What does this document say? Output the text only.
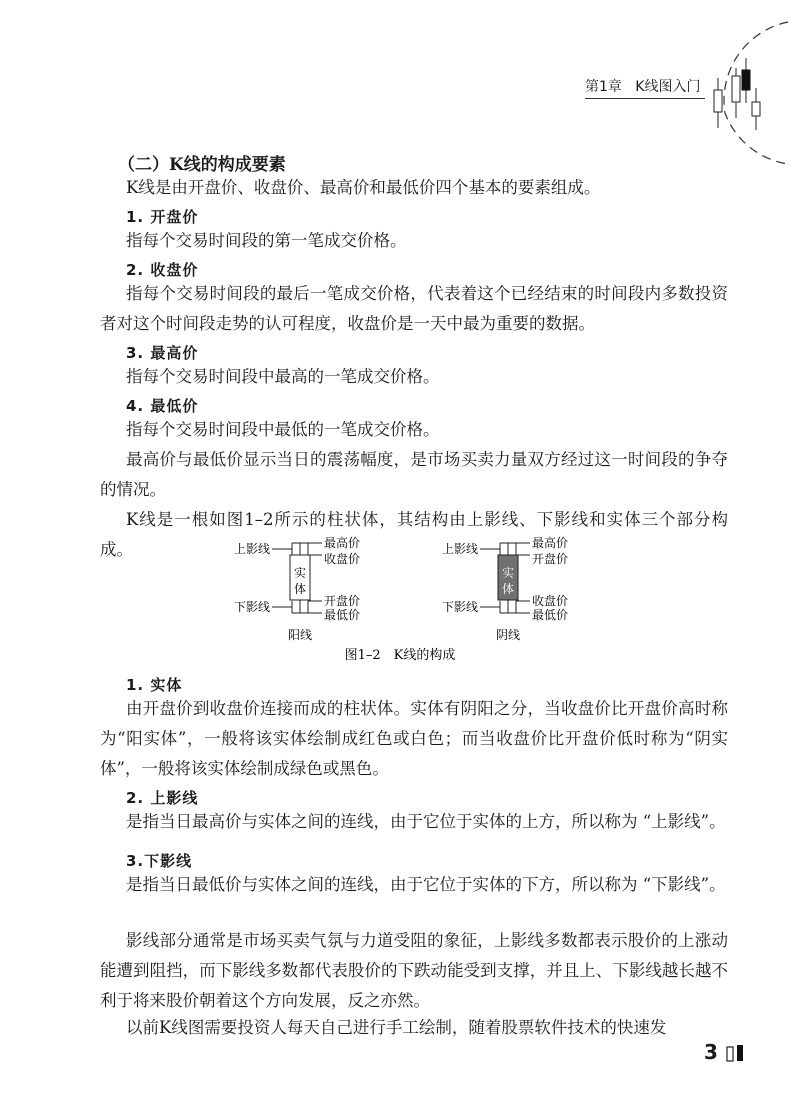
第1章 K线图入门
（二）K线的构成要素
K线是由开盘价、收盘价、最高价和最低价四个基本的要素组成。
1. 开盘价
指每个交易时间段的第一笔成交价格。
2. 收盘价
指每个交易时间段的最后一笔成交价格，代表着这个已经结束的时间段内多数投资者对这个时间段走势的认可程度，收盘价是一天中最为重要的数据。
3. 最高价
指每个交易时间段中最高的一笔成交价格。
4. 最低价
指每个交易时间段中最低的一笔成交价格。
最高价与最低价显示当日的震荡幅度，是市场买卖力量双方经过这一时间段的争夺的情况。
K线是一根如图1–2所示的柱状体，其结构由上影线、下影线和实体三个部分构成。
实
体
上影线
下影线
最高价
收盘价
开盘价
最低价
阳线
实
体
上影线
下影线
最高价
开盘价
收盘价
最低价
阴线
图1–2　K线的构成
1. 实体
由开盘价到收盘价连接而成的柱状体。实体有阴阳之分，当收盘价比开盘价高时称为“阳实体”，一般将该实体绘制成红色或白色；而当收盘价比开盘价低时称为“阴实体”，一般将该实体绘制成绿色或黑色。
2. 上影线
是指当日最高价与实体之间的连线，由于它位于实体的上方，所以称为 “上影线”。
3.下影线
是指当日最低价与实体之间的连线，由于它位于实体的下方，所以称为 “下影线”。
影线部分通常是市场买卖气氛与力道受阻的象征，上影线多数都表示股价的上涨动能遭到阻挡，而下影线多数都代表股价的下跌动能受到支撑，并且上、下影线越长越不利于将来股价朝着这个方向发展，反之亦然。
以前K线图需要投资人每天自己进行手工绘制，随着股票软件技术的快速发
3
